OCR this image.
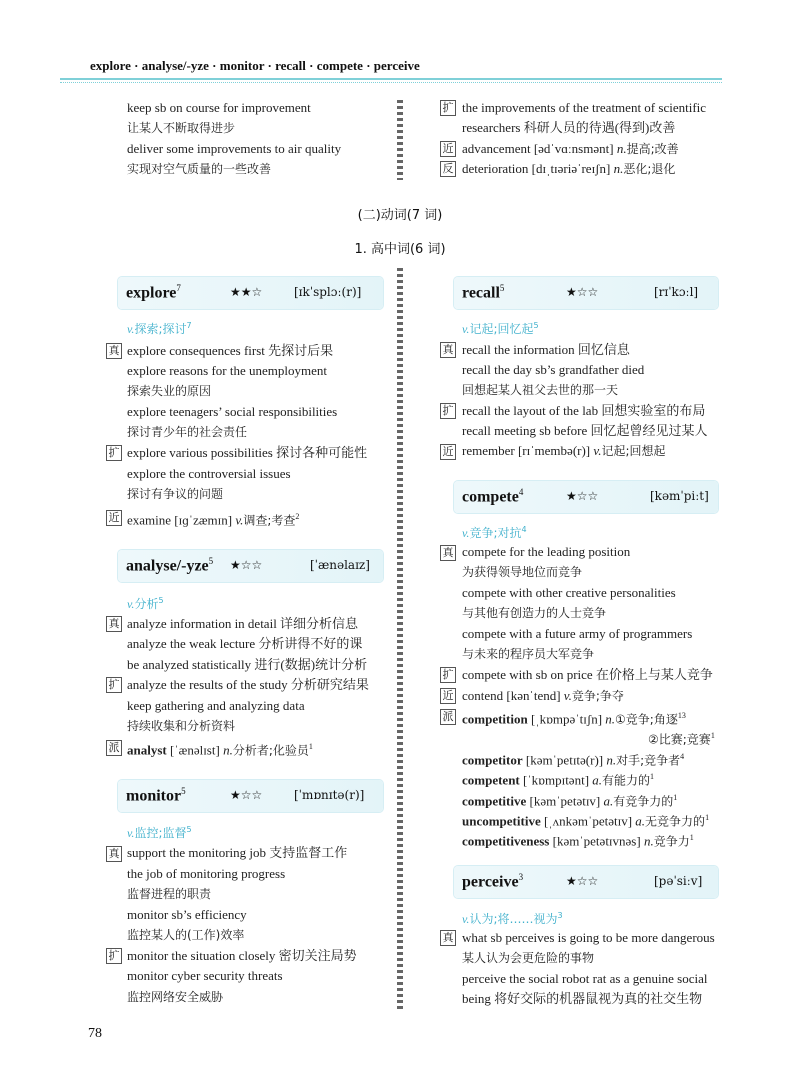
explore · analyse/-yze · monitor · recall · compete · perceive
keep sb on course for improvement
让某人不断取得进步
deliver some improvements to air quality
实现对空气质量的一些改善
扩 the improvements of the treatment of scientific
researchers 科研人员的待遇(得到)改善
近 advancement [ədˈvɑːnsmənt] n.提高;改善
反 deterioration [dɪˌtɪəriəˈreɪʃn] n.恶化;退化
(二)动词(7 词)
1. 高中词(6 词)
explore$^7$	★★☆	[ɪkˈsplɔː(r)]
v.探索;探讨$^7$
真 explore consequences first 先探讨后果
explore reasons for the unemployment
探索失业的原因
explore teenagers’ social responsibilities
探讨青少年的社会责任
扩 explore various possibilities 探讨各种可能性
explore the controversial issues
探讨有争议的问题
近 examine [ɪɡˈzæmɪn] v.调查;考查$^2$
analyse/-yze$^5$ ★☆☆	[ˈænəlaɪz]
v.分析$^5$
真 analyze information in detail 详细分析信息
analyze the weak lecture 分析讲得不好的课
be analyzed statistically 进行(数据)统计分析
扩 analyze the results of the study 分析研究结果
keep gathering and analyzing data
持续收集和分析资料
派 analyst [ˈænəlɪst] n.分析者;化验员$^1$
monitor$^5$	★☆☆	[ˈmɒnɪtə(r)]
v.监控;监督$^5$
真 support the monitoring job 支持监督工作
the job of monitoring progress
监督进程的职责
monitor sb’s efficiency
监控某人的(工作)效率
扩 monitor the situation closely 密切关注局势
monitor cyber security threats
监控网络安全威胁
recall$^5$	★☆☆	[rɪˈkɔːl]
v.记起;回忆起$^5$
真 recall the information 回忆信息
recall the day sb’s grandfather died
回想起某人祖父去世的那一天
扩 recall the layout of the lab 回想实验室的布局
recall meeting sb before 回忆起曾经见过某人
近 remember [rɪˈmembə(r)] v.记起;回想起
compete$^4$	★☆☆	[kəmˈpiːt]
v.竞争;对抗$^4$
真 compete for the leading position
为获得领导地位而竞争
compete with other creative personalities
与其他有创造力的人士竞争
compete with a future army of programmers
与未来的程序员大军竞争
扩 compete with sb on price 在价格上与某人竞争
近 contend [kənˈtend] v.竞争;争夺
派 competition [ˌkɒmpəˈtɪʃn] n.①竞争;角逐$^{13}$
②比赛;竞赛$^1$
competitor [kəmˈpetɪtə(r)] n.对手;竞争者$^4$
competent [ˈkɒmpɪtənt] a.有能力的$^1$
competitive [kəmˈpetətɪv] a.有竞争力的$^1$
uncompetitive [ˌʌnkəmˈpetətɪv] a.无竞争力的$^1$
competitiveness [kəmˈpetətɪvnəs] n.竞争力$^1$
perceive$^3$	★☆☆	[pəˈsiːv]
v.认为;将……视为$^3$
真 what sb perceives is going to be more dangerous
某人认为会更危险的事物
perceive the social robot rat as a genuine social
being 将好交际的机器鼠视为真的社交生物
78
